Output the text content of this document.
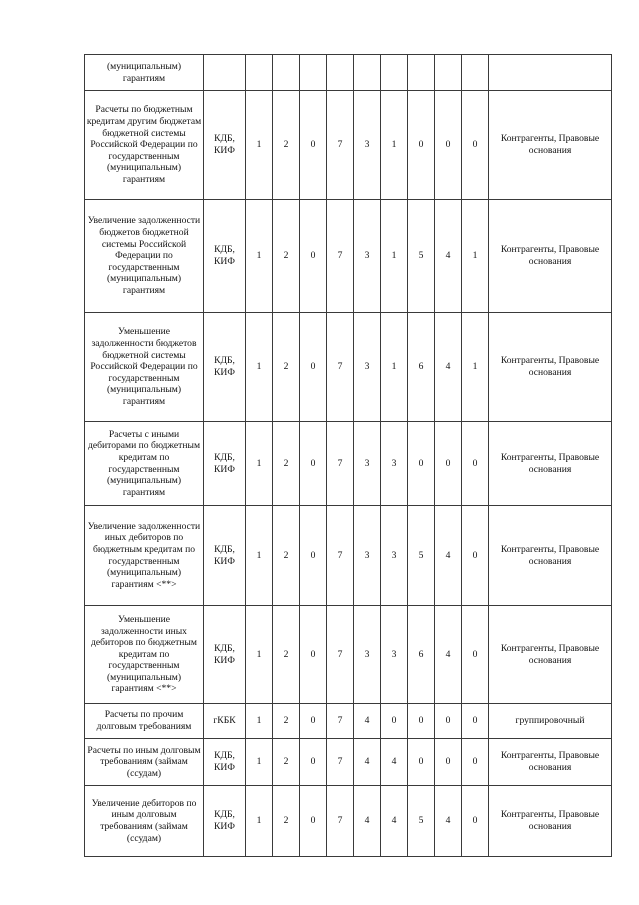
(муниципальным) гарантиям											

Расчеты по бюджетным кредитам другим бюджетам бюджетной системы Российской Федерации по государственным (муниципальным) гарантиям	КДБ, КИФ	1	2	0	7	3	1	0	0	0	Контрагенты, Правовые основания
Увеличение задолженности бюджетов бюджетной системы Российской Федерации по государственным (муниципальным) гарантиям	КДБ, КИФ	1	2	0	7	3	1	5	4	1	Контрагенты, Правовые основания
Уменьшение задолженности бюджетов бюджетной системы Российской Федерации по государственным (муниципальным) гарантиям	КДБ, КИФ	1	2	0	7	3	1	6	4	1	Контрагенты, Правовые основания
Расчеты с иными дебиторами по бюджетным кредитам по государственным (муниципальным) гарантиям	КДБ, КИФ	1	2	0	7	3	3	0	0	0	Контрагенты, Правовые основания
Увеличение задолженности иных дебиторов по бюджетным кредитам по государственным (муниципальным) гарантиям <**>	КДБ, КИФ	1	2	0	7	3	3	5	4	0	Контрагенты, Правовые основания
Уменьшение задолженности иных дебиторов по бюджетным кредитам по государственным (муниципальным) гарантиям <**>	КДБ, КИФ	1	2	0	7	3	3	6	4	0	Контрагенты, Правовые основания
Расчеты по прочим долговым требованиям	гКБК	1	2	0	7	4	0	0	0	0	группировочный
Расчеты по иным долговым требованиям (займам (ссудам)	КДБ, КИФ	1	2	0	7	4	4	0	0	0	Контрагенты, Правовые основания
Увеличение дебиторов по иным долговым требованиям (займам (ссудам)	КДБ, КИФ	1	2	0	7	4	4	5	4	0	Контрагенты, Правовые основания
